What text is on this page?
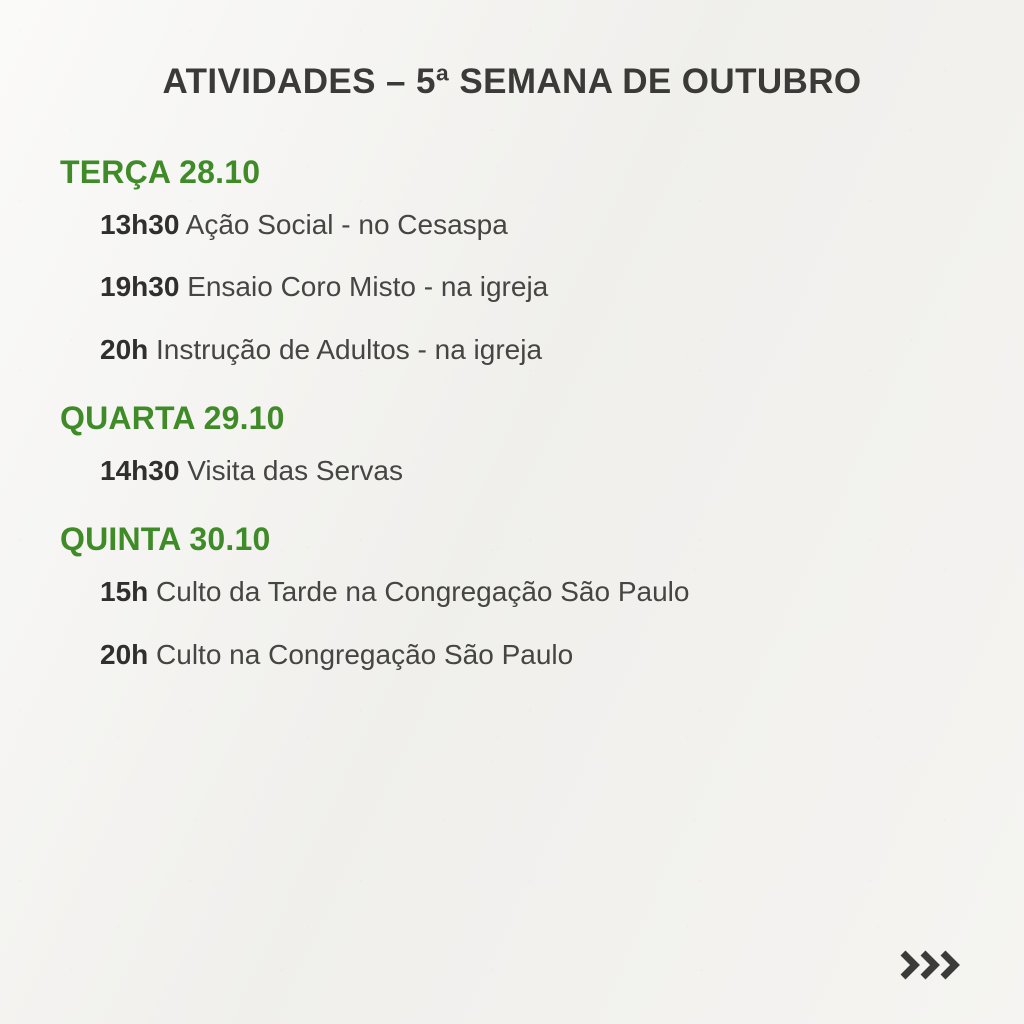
ATIVIDADES – 5ª SEMANA DE OUTUBRO
TERÇA 28.10
13h30 Ação Social - no Cesaspa
19h30 Ensaio Coro Misto - na igreja
20h Instrução de Adultos - na igreja
QUARTA 29.10
14h30 Visita das Servas
QUINTA 30.10
15h Culto da Tarde na Congregação São Paulo
20h Culto na Congregação São Paulo
